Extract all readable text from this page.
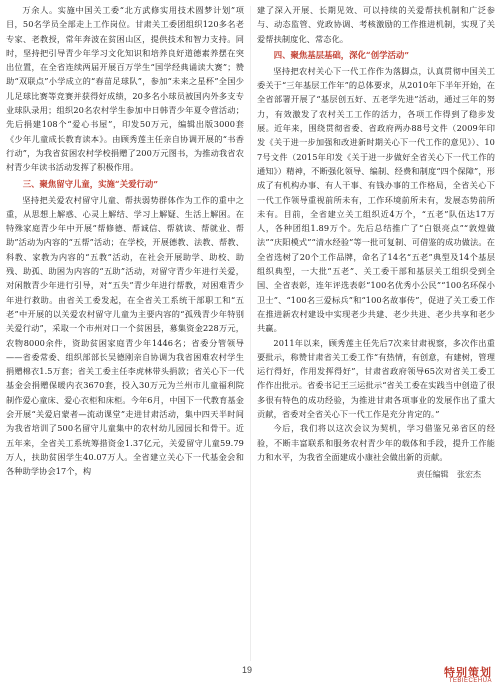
万余人。实施中国关工委“北方武修实用技术圆梦计划”项目，50名学员全部走上工作岗位。甘肃关工委团组织120多名老专家、老教授，常年奔波在贫困山区，提供技术和智力支持。同时，坚持把引导青少年学习文化知识和培养良好道德素养摆在突出位置，在全省连续两届开展百万学生“国学经典诵读大赛”；赞助“双联点”小学成立的“春苗足球队”，参加“未来之星杯”全国少儿足球比赛等竞赛并获得好成绩，20多名小球员被国内外多支专业球队录用；组织20名农村学生参加中日韩青少年夏令营活动；先后捐建108个“爱心书屋”，印发50万元，编辑出版3000套《少年儿童成长教育读本》。由顾秀莲主任亲自协调开展的“书香行动”，为我省贫困农村学校捐赠了200万元图书，为推动我省农村青少年读书活动发挥了积极作用。

三、聚焦留守儿童，实施“关爱行动”

坚持把关爱农村留守儿童、帮扶弱势群体作为工作的重中之重，从思想上解惑、心灵上解结、学习上解疑、生活上解困。在特殊家庭青少年中开展“帮修德、帮诚信、帮就读、帮就业、帮助”活动为内容的“五帮”活动；在学校，开展德教、法教、帮教、科教、家教为内容的“五教”活动，在社会开展助学、助校、助残、助孤、助困为内容的“五助”活动，对留守青少年进行关爱，对闲散青少年进行引导，对“五失”青少年进行帮教，对困难青少年进行救助。由省关工委发起，在全省关工系统干部职工和“五老”中开展的以关爱农村留守儿童为主要内容的“孤残青少年特别关爱行动”，采取一个市州对口一个贫困县，募集资金228万元，农物8000余件，资助贫困家庭青少年1446名；省委分管领导——省委常委、组织部部长吴德刚亲自协调为我省困难农村学生捐赠棉衣1.5万套；省关工委主任李虎林带头捐款；省关心下一代基金会捐赠保暖内衣3670套，投入30万元为兰州市儿童福利院制作爱心童床、爱心衣柜和床柜。今年6月，中国下一代教育基金会开展“关爱启蒙者—流动课堂”走进甘肃活动，集中四天半时间为我省培训了500名留守儿童集中的农村幼儿园园长和骨干。近五年来，全省关工系统筹措资金1.37亿元，关爱留守儿童59.79万人，扶助贫困学生40.07万人。全省建立关心下一代基金会和各种助学协会17个，构

建了深入开展、长期见效、可以持续的关爱帮扶机制和广泛参与、动态监管、党政协调、考核激励的工作推进机制，实现了关爱帮扶制度化、常态化。

四、聚焦基层基础，深化“创学活动”

坚持把农村关心下一代工作作为落脚点，认真贯彻中国关工委关于“三年基层工作年”的总体要求，从2010年下半年开始，在全省部署开展了“基层创五好、五老学先进”活动，通过三年的努力，有效激发了农村关工工作的活力，各项工作得到了稳步发展。近年来，围绕贯彻省委、省政府两办88号文件（2009年印发《关于进一步加强和改进新时期关心下一代工作的意见》）、107号文件（2015年印发《关于进一步做好全省关心下一代工作的通知》）精神，不断强化领导、编制、经费和制度“四个保障”，形成了有机构办事、有人干事、有钱办事的工作格局，全省关心下一代工作领导重视前所未有，工作环境前所未有，发展态势前所未有。目前，全省建立关工组织近4万个，“五老”队伍达17万人，各种团组1.89万个。先后总结推广了“白银亮点”“敦煌做法”“庆阳模式”“清水经验”等一批可复制、可借鉴的成功做法。在全省选树了20个工作品牌，命名了14名“五老”典型及14个基层组织典型，一大批“五老”、关工委干部和基层关工组织受到全国、全省表彰，连年评选表彰“100名优秀小公民”“100名环保小卫士”、“100名三爱标兵”和“100名故事传”，促进了关工委工作在推进新农村建设中实现老少共建、老少共进、老少共享和老少共赢。

2011年以来，顾秀莲主任先后7次来甘肃视察，多次作出重要批示，称赞甘肃省关工委工作“有热情，有创意，有建树，管理运行得好，作用发挥得好”，甘肃省政府领导65次对省关工委工作作出批示。省委书记王三运批示“省关工委在实践当中创造了很多很有特色的成功经验，为推进甘肃各项事业的发展作出了重大贡献，省委对全省关心下一代工作是充分肯定的。”

今后，我们将以这次会议为契机，学习借鉴兄弟省区的经验，不断丰富联系和服务农村青少年的载体和手段，提升工作能力和水平，为我省全面建成小康社会做出新的贡献。

责任编辑 张宏杰
19	特别策划
TEBIECEHUA
